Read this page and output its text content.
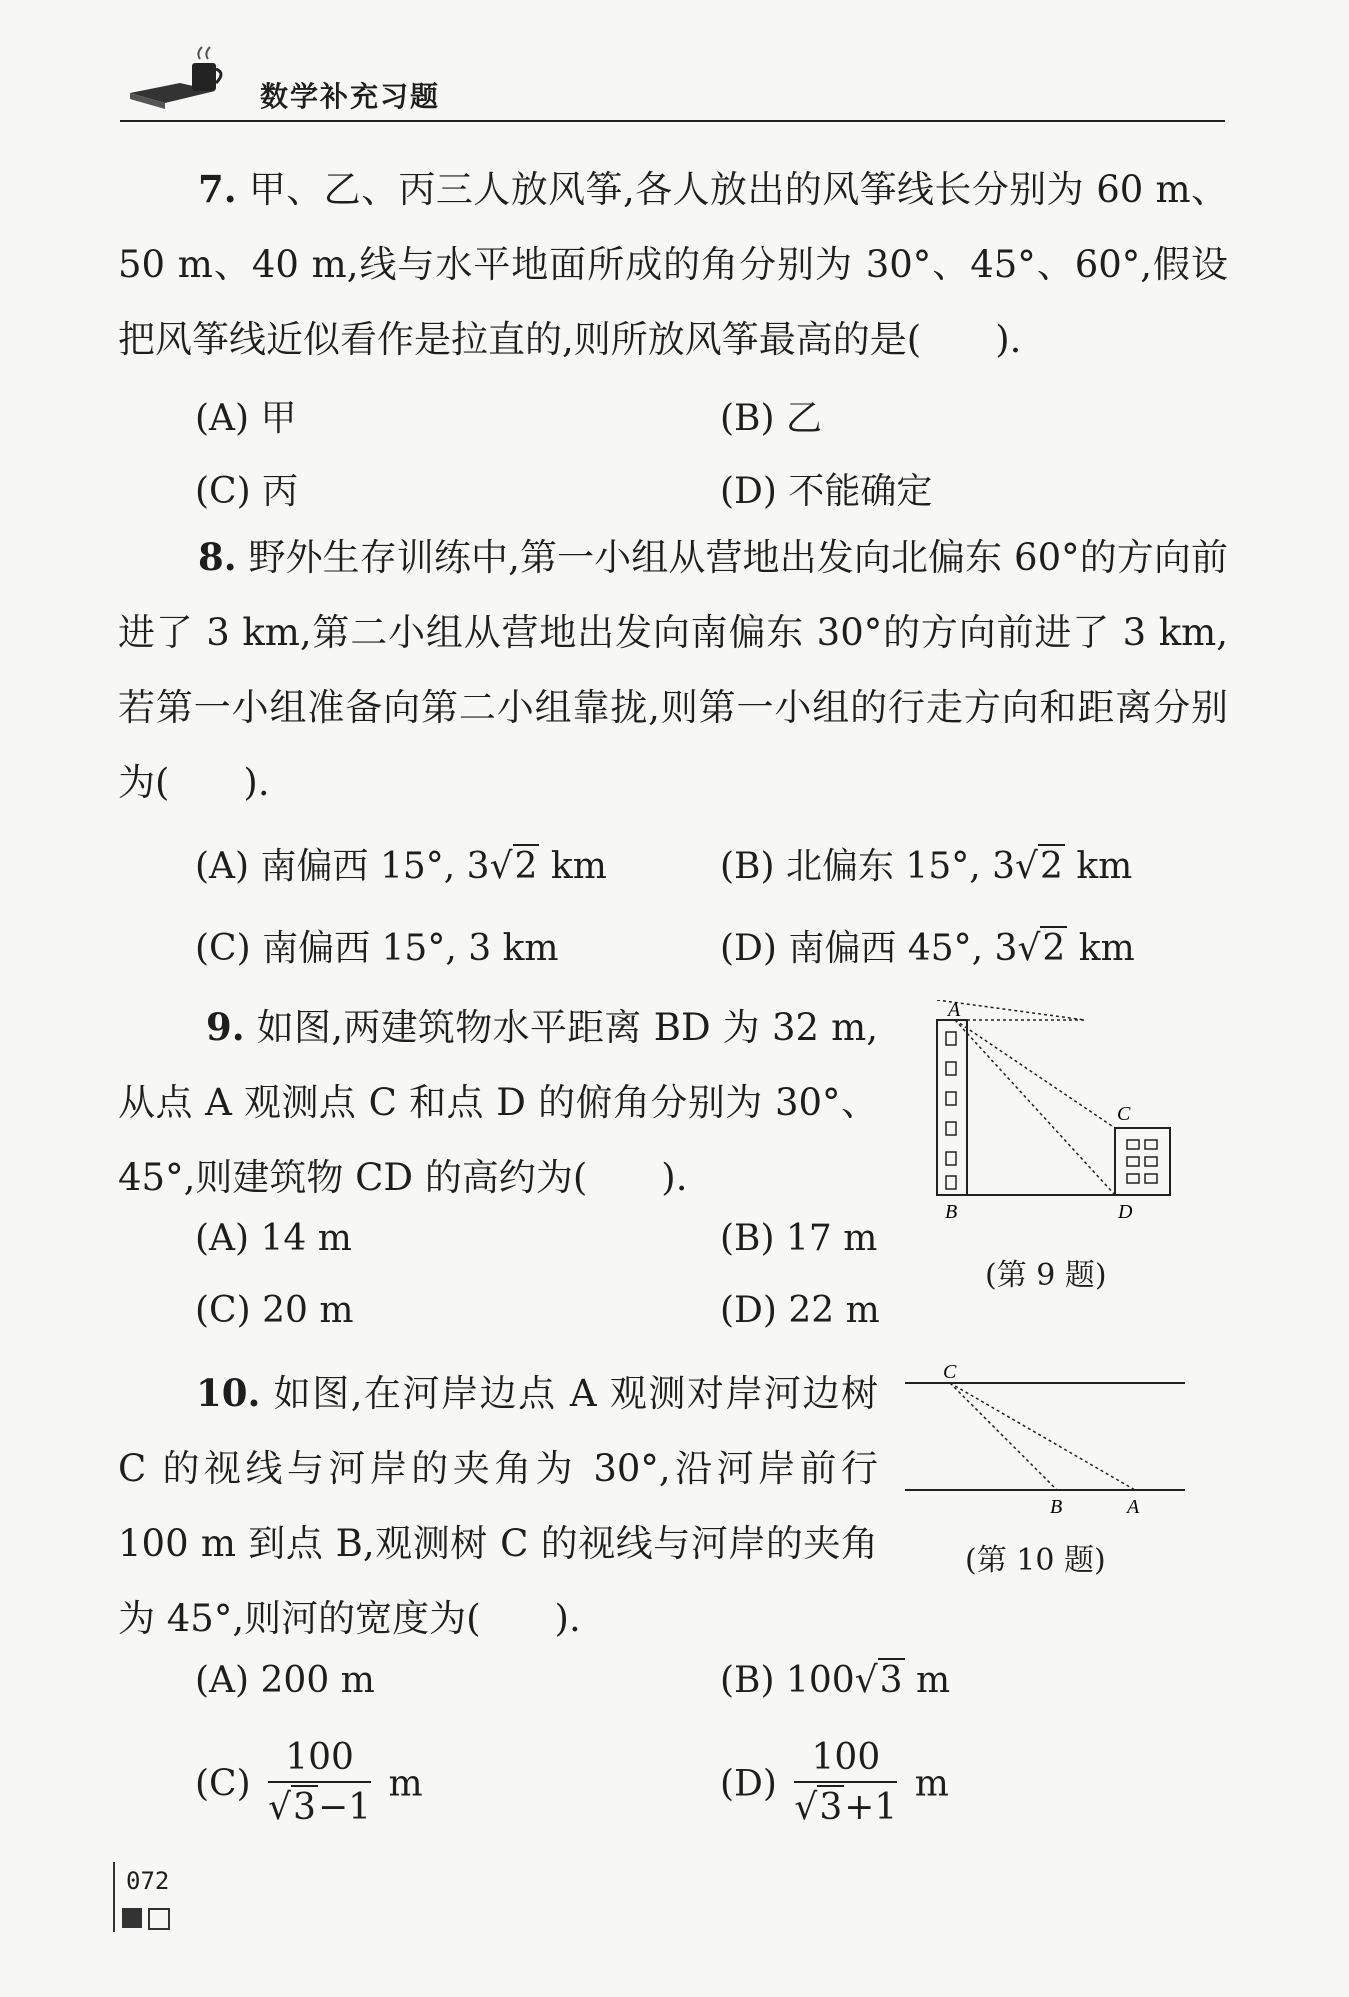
数学补充习题
7. 甲、乙、丙三人放风筝,各人放出的风筝线长分别为 60 m、50 m、40 m,线与水平地面所成的角分别为 30°、45°、60°,假设把风筝线近似看作是拉直的,则所放风筝最高的是(　　).
(A) 甲	(B) 乙
(C) 丙	(D) 不能确定
8. 野外生存训练中,第一小组从营地出发向北偏东 60°的方向前进了 3 km,第二小组从营地出发向南偏东 30°的方向前进了 3 km,若第一小组准备向第二小组靠拢,则第一小组的行走方向和距离分别为(　　).
(A) 南偏西 15°, 3√2 km	(B) 北偏东 15°, 3√2 km
(C) 南偏西 15°, 3 km	(D) 南偏西 45°, 3√2 km
9. 如图,两建筑物水平距离 BD 为 32 m,从点 A 观测点 C 和点 D 的俯角分别为 30°、45°,则建筑物 CD 的高约为(　　).
(A) 14 m	(B) 17 m
(C) 20 m	(D) 22 m
A
C
B	D
(第 9 题)
10. 如图,在河岸边点 A 观测对岸河边树 C 的视线与河岸的夹角为 30°,沿河岸前行 100 m 到点 B,观测树 C 的视线与河岸的夹角为 45°,则河的宽度为(　　).
C
B	A
(第 10 题)
(A) 200 m	(B) 100√3 m
$(C) \frac{100}{√3-1}$ m	$(D) \frac{100}{√3+1}$ m
072
